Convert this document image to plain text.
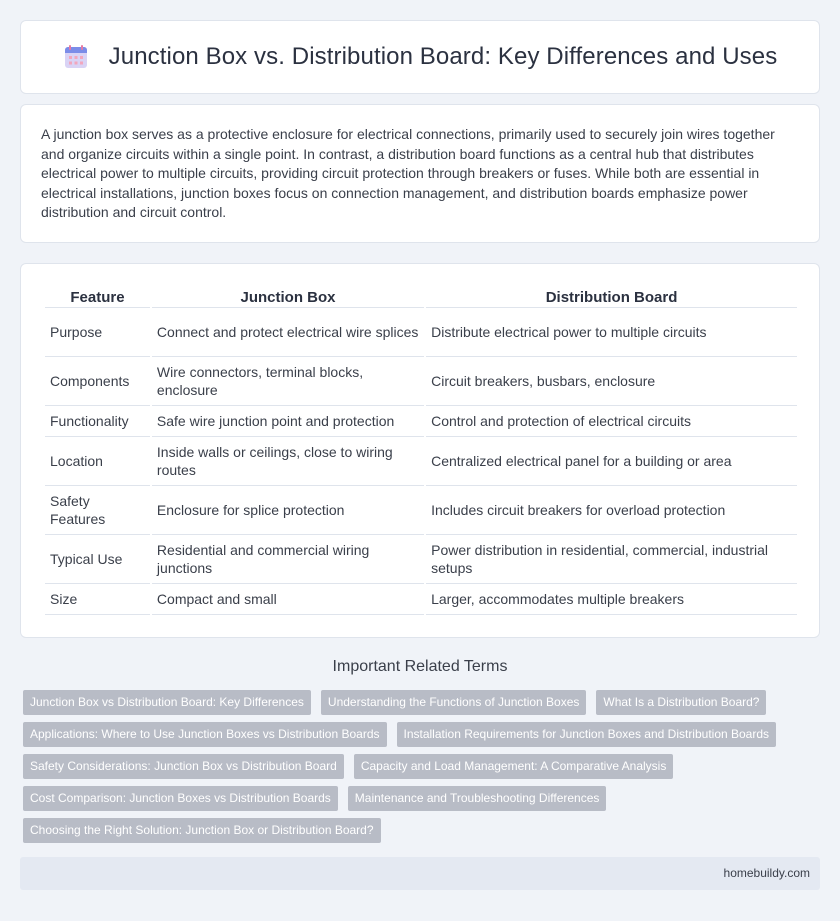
Junction Box vs. Distribution Board: Key Differences and Uses

A junction box serves as a protective enclosure for electrical connections, primarily used to securely join wires together and organize circuits within a single point. In contrast, a distribution board functions as a central hub that distributes electrical power to multiple circuits, providing circuit protection through breakers or fuses. While both are essential in electrical installations, junction boxes focus on connection management, and distribution boards emphasize power distribution and circuit control.

Feature	Junction Box	Distribution Board
Purpose	Connect and protect electrical wire splices	Distribute electrical power to multiple circuits
Components	Wire connectors, terminal blocks, enclosure	Circuit breakers, busbars, enclosure
Functionality	Safe wire junction point and protection	Control and protection of electrical circuits
Location	Inside walls or ceilings, close to wiring routes	Centralized electrical panel for a building or area
Safety Features	Enclosure for splice protection	Includes circuit breakers for overload protection
Typical Use	Residential and commercial wiring junctions	Power distribution in residential, commercial, industrial setups
Size	Compact and small	Larger, accommodates multiple breakers
Important Related Terms
Junction Box vs Distribution Board: Key Differences	Understanding the Functions of Junction Boxes	What Is a Distribution Board?
Applications: Where to Use Junction Boxes vs Distribution Boards	Installation Requirements for Junction Boxes and Distribution Boards
Safety Considerations: Junction Box vs Distribution Board	Capacity and Load Management: A Comparative Analysis
Cost Comparison: Junction Boxes vs Distribution Boards	Maintenance and Troubleshooting Differences
Choosing the Right Solution: Junction Box or Distribution Board?
homebuildy.com
